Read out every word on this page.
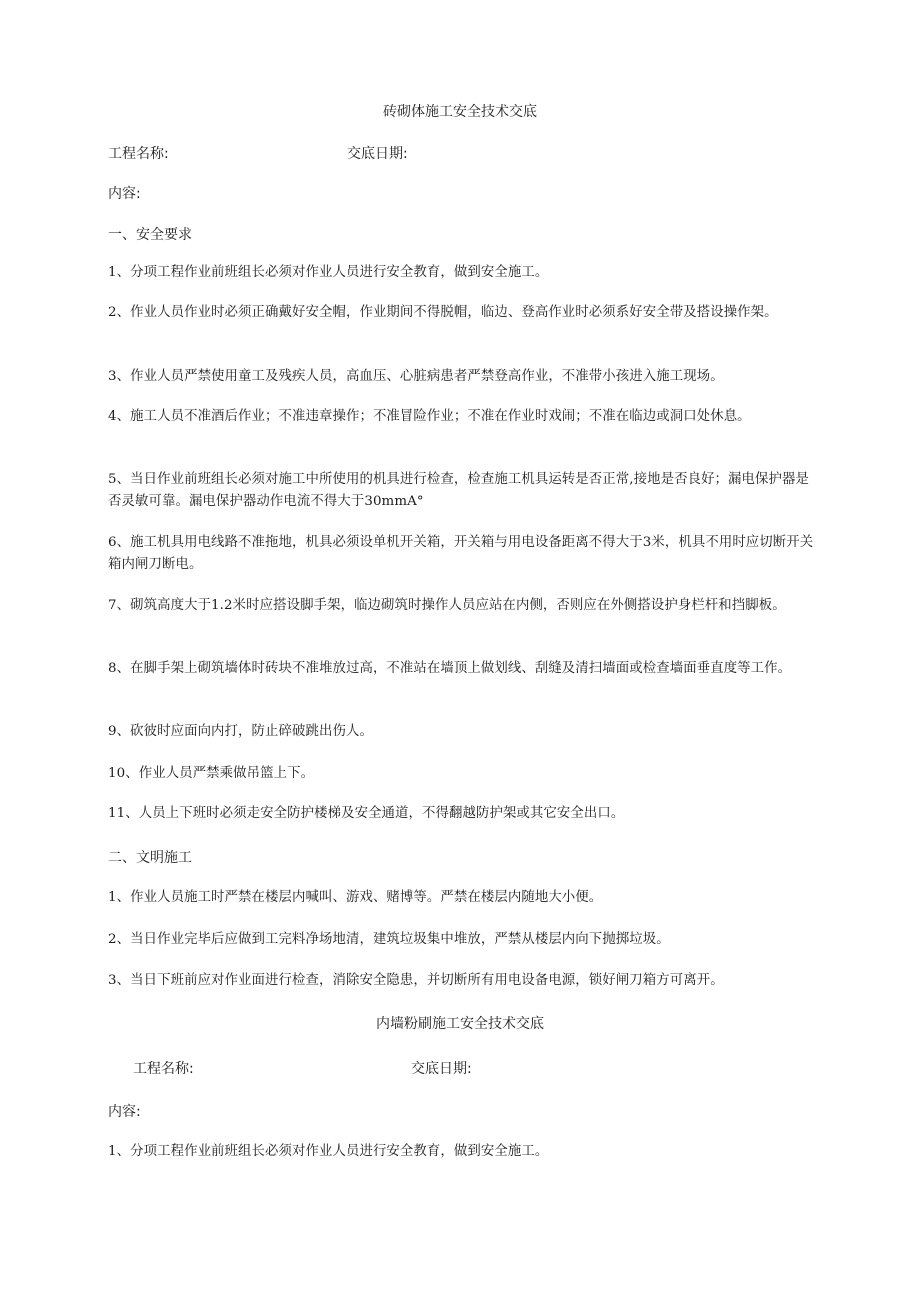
砖砌体施工安全技术交底
工程名称:	交底日期:
内容:
一、安全要求
1、分项工程作业前班组长必须对作业人员进行安全教育，做到安全施工。
2、作业人员作业时必须正确戴好安全帽，作业期间不得脱帽，临边、登高作业时必须系好安全带及搭设操作架。
3、作业人员严禁使用童工及残疾人员，高血压、心脏病患者严禁登高作业，不准带小孩进入施工现场。
4、施工人员不准酒后作业；不准违章操作；不准冒险作业；不准在作业时戏闹；不准在临边或洞口处休息。
5、当日作业前班组长必须对施工中所使用的机具进行检查，检查施工机具运转是否正常,接地是否良好；漏电保护器是否灵敏可靠。漏电保护器动作电流不得大于30mmA°
6、施工机具用电线路不准拖地，机具必须设单机开关箱，开关箱与用电设备距离不得大于3米，机具不用时应切断开关箱内闸刀断电。
7、砌筑高度大于1.2米时应搭设脚手架，临边砌筑时操作人员应站在内侧，否则应在外侧搭设护身栏杆和挡脚板。
8、在脚手架上砌筑墙体时砖块不准堆放过高，不准站在墙顶上做划线、刮缝及清扫墙面或检查墙面垂直度等工作。
9、砍彼时应面向内打，防止碎破跳出伤人。
10、作业人员严禁乘做吊篮上下。
11、人员上下班时必须走安全防护楼梯及安全通道，不得翻越防护架或其它安全出口。
二、文明施工
1、作业人员施工时严禁在楼层内喊叫、游戏、赌博等。严禁在楼层内随地大小便。
2、当日作业完毕后应做到工完料净场地清，建筑垃圾集中堆放，严禁从楼层内向下抛掷垃圾。
3、当日下班前应对作业面进行检查，消除安全隐患，并切断所有用电设备电源，锁好闸刀箱方可离开。
内墙粉刷施工安全技术交底
工程名称:	交底日期:
内容:
1、分项工程作业前班组长必须对作业人员进行安全教育，做到安全施工。
